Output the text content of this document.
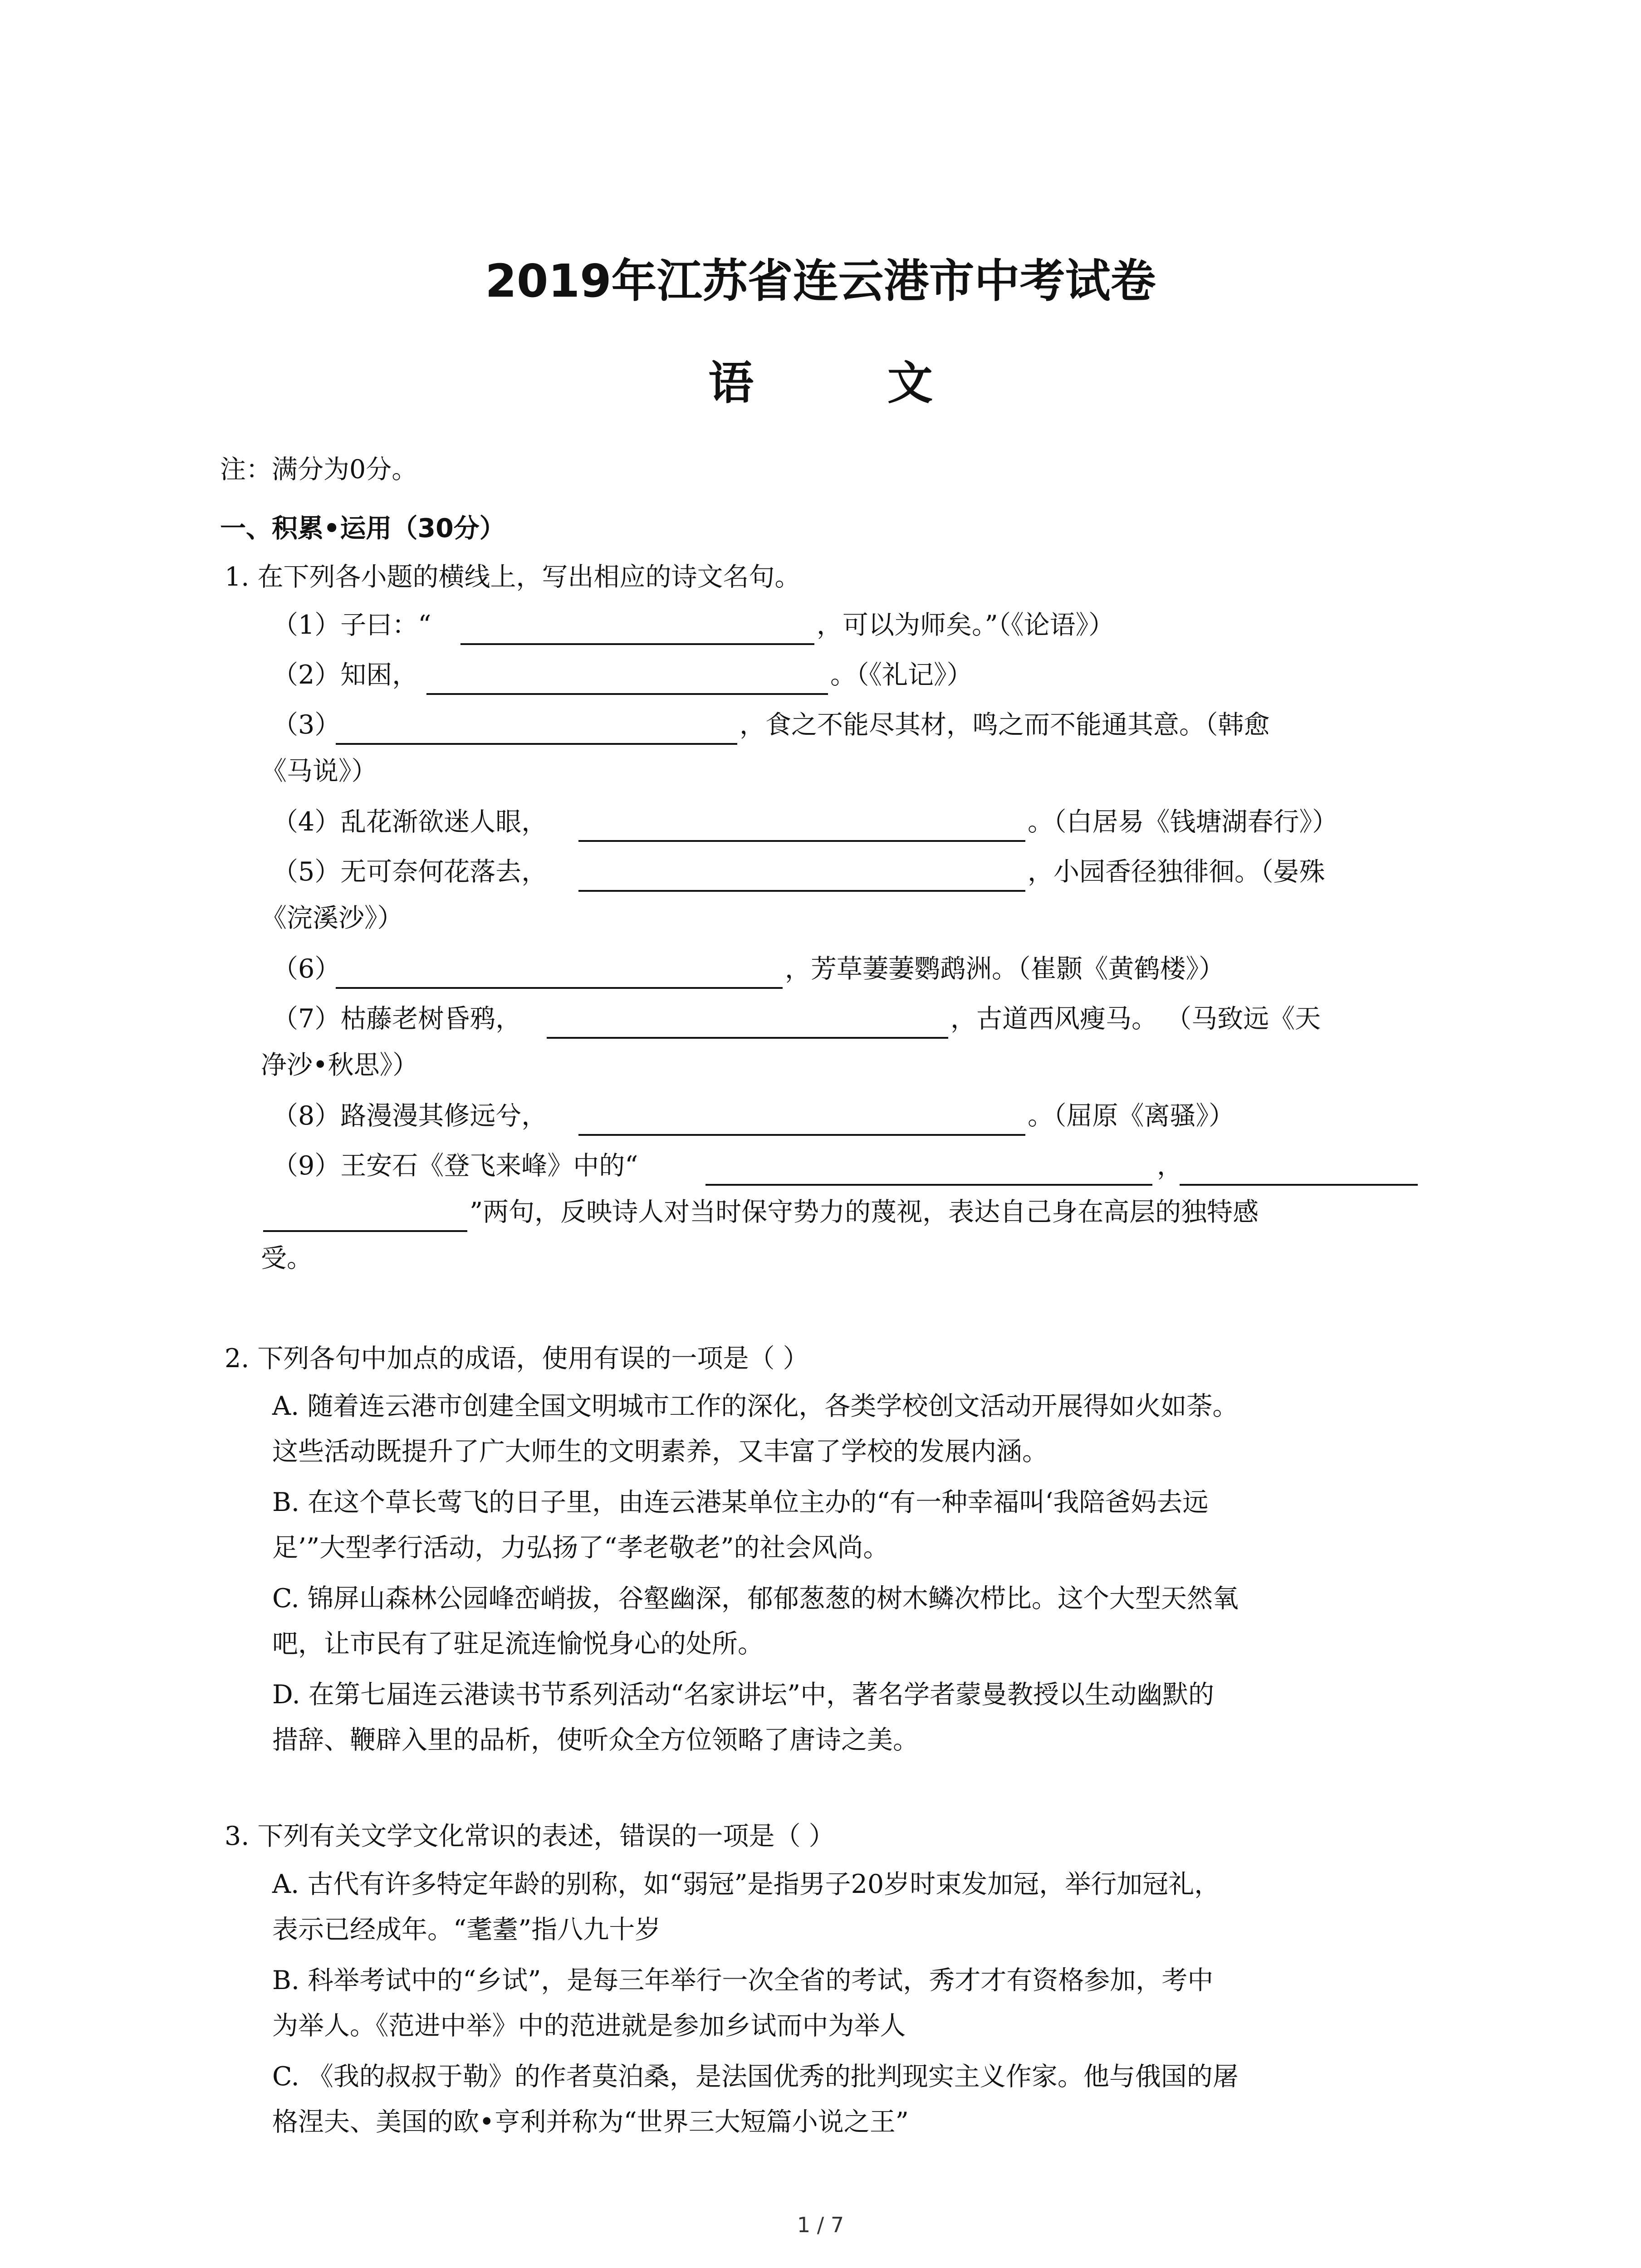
2019年江苏省连云港市中考试卷
语 文
注：满分为0分。
一、积累•运用（30分）
1. 在下列各小题的横线上，写出相应的诗文名句。
（1）子曰：“	，可以为师矣。”（《论语》）
（2）知困，	。（《礼记》）
（3）	，食之不能尽其材，鸣之而不能通其意。（韩愈
《马说》）
（4）乱花渐欲迷人眼，	。（白居易《钱塘湖春行》）
（5）无可奈何花落去，	，小园香径独徘徊。（晏殊
《浣溪沙》）
（6）	，芳草萋萋鹦鹉洲。（崔颢《黄鹤楼》）
（7）枯藤老树昏鸦，	，古道西风瘦马。 （马致远《天
净沙•秋思》）
（8）路漫漫其修远兮，	。（屈原《离骚》）
（9）王安石《登飞来峰》中的“	，
”两句，反映诗人对当时保守势力的蔑视，表达自己身在高层的独特感
受。
2. 下列各句中加点的成语，使用有误的一项是（ ）
A. 随着连云港市创建全国文明城市工作的深化，各类学校创文活动开展得如火如荼。
这些活动既提升了广大师生的文明素养，又丰富了学校的发展内涵。
B. 在这个草长莺飞的日子里，由连云港某单位主办的“有一种幸福叫‘我陪爸妈去远
足’”大型孝行活动，力弘扬了“孝老敬老”的社会风尚。
C. 锦屏山森林公园峰峦峭拔，谷壑幽深，郁郁葱葱的树木鳞次栉比。这个大型天然氧
吧，让市民有了驻足流连愉悦身心的处所。
D. 在第七届连云港读书节系列活动“名家讲坛”中，著名学者蒙曼教授以生动幽默的
措辞、鞭辟入里的品析，使听众全方位领略了唐诗之美。
3. 下列有关文学文化常识的表述，错误的一项是（ ）
A. 古代有许多特定年龄的别称，如“弱冠”是指男子20岁时束发加冠，举行加冠礼，
表示已经成年。“耄耋”指八九十岁
B. 科举考试中的“乡试”，是每三年举行一次全省的考试，秀才才有资格参加，考中
为举人。《范进中举》中的范进就是参加乡试而中为举人
C. 《我的叔叔于勒》的作者莫泊桑，是法国优秀的批判现实主义作家。他与俄国的屠
格涅夫、美国的欧•亨利并称为“世界三大短篇小说之王”
1 / 7
